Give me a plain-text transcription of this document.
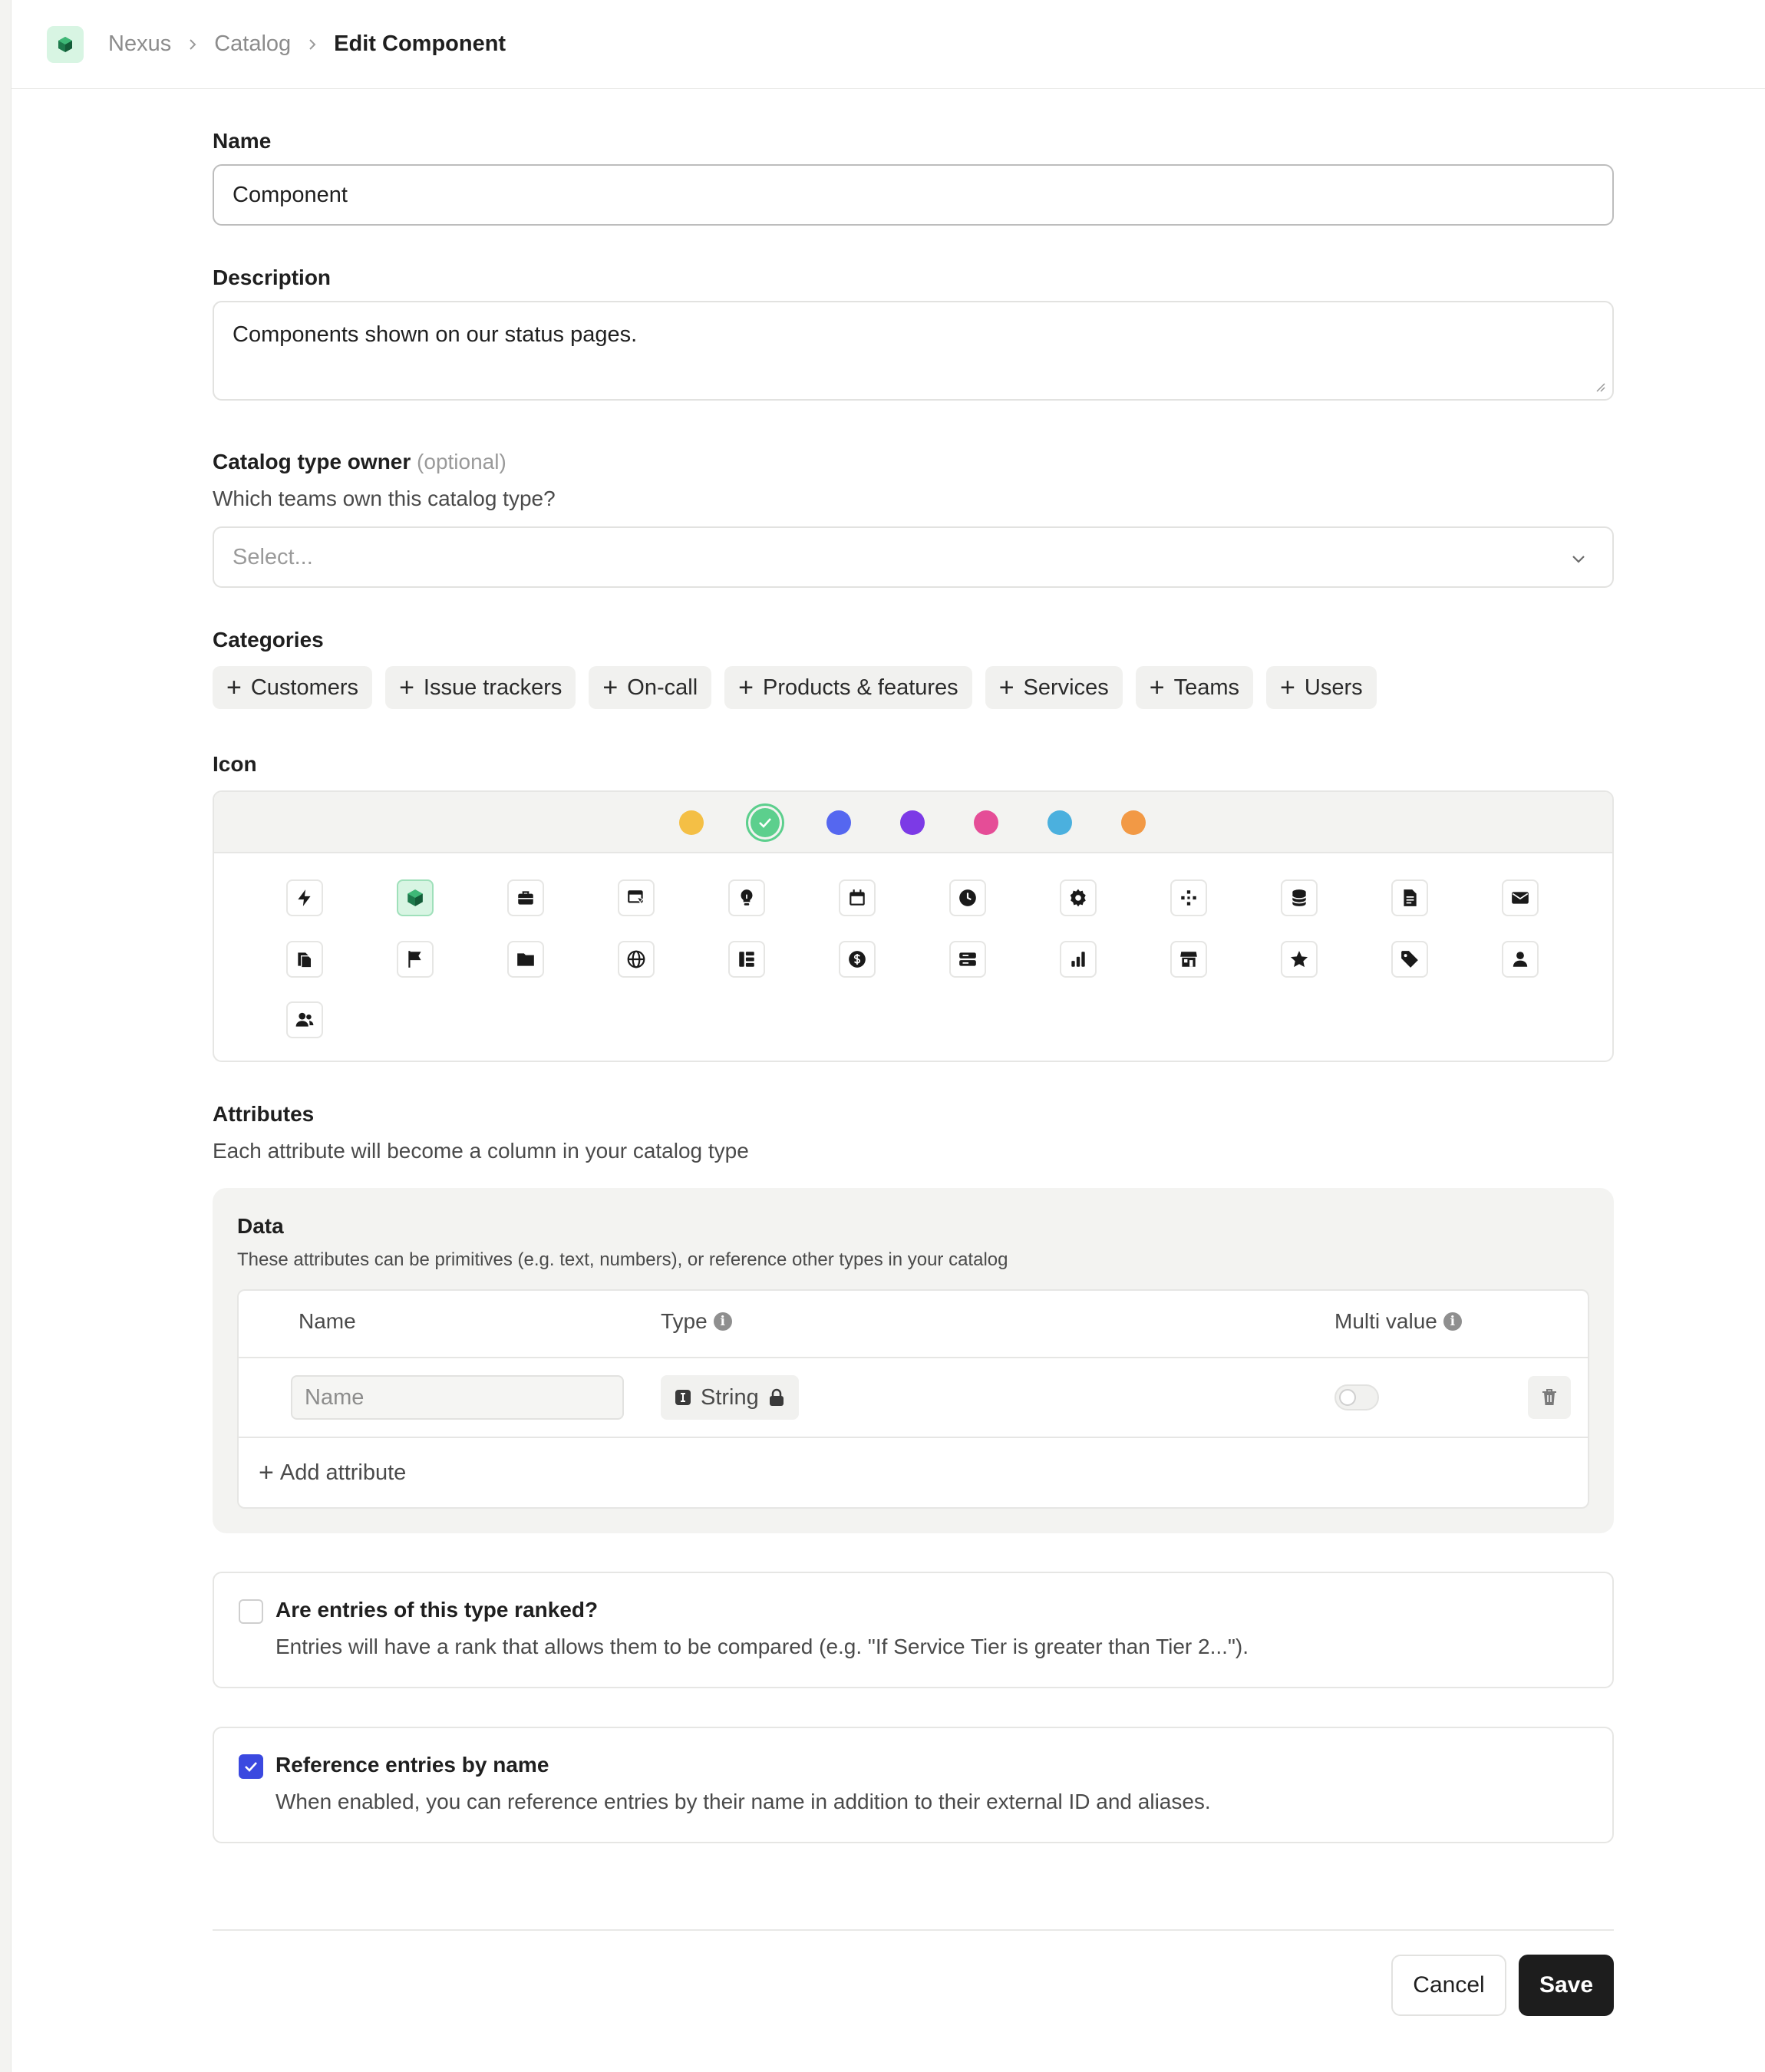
Nexus Catalog Edit Component
Name
Component
Description
Components shown on our status pages.
Catalog type owner (optional)
Which teams own this catalog type?
Select...
Categories
+ Customers + Issue trackers + On-call + Products & features + Services + Teams + Users
Icon
Attributes
Each attribute will become a column in your catalog type
Data
These attributes can be primitives (e.g. text, numbers), or reference other types in your catalog
Name	Type i	Multi value i
Name	String
+ Add attribute
Are entries of this type ranked?
Entries will have a rank that allows them to be compared (e.g. "If Service Tier is greater than Tier 2...").
Reference entries by name
When enabled, you can reference entries by their name in addition to their external ID and aliases.
Cancel	Save
